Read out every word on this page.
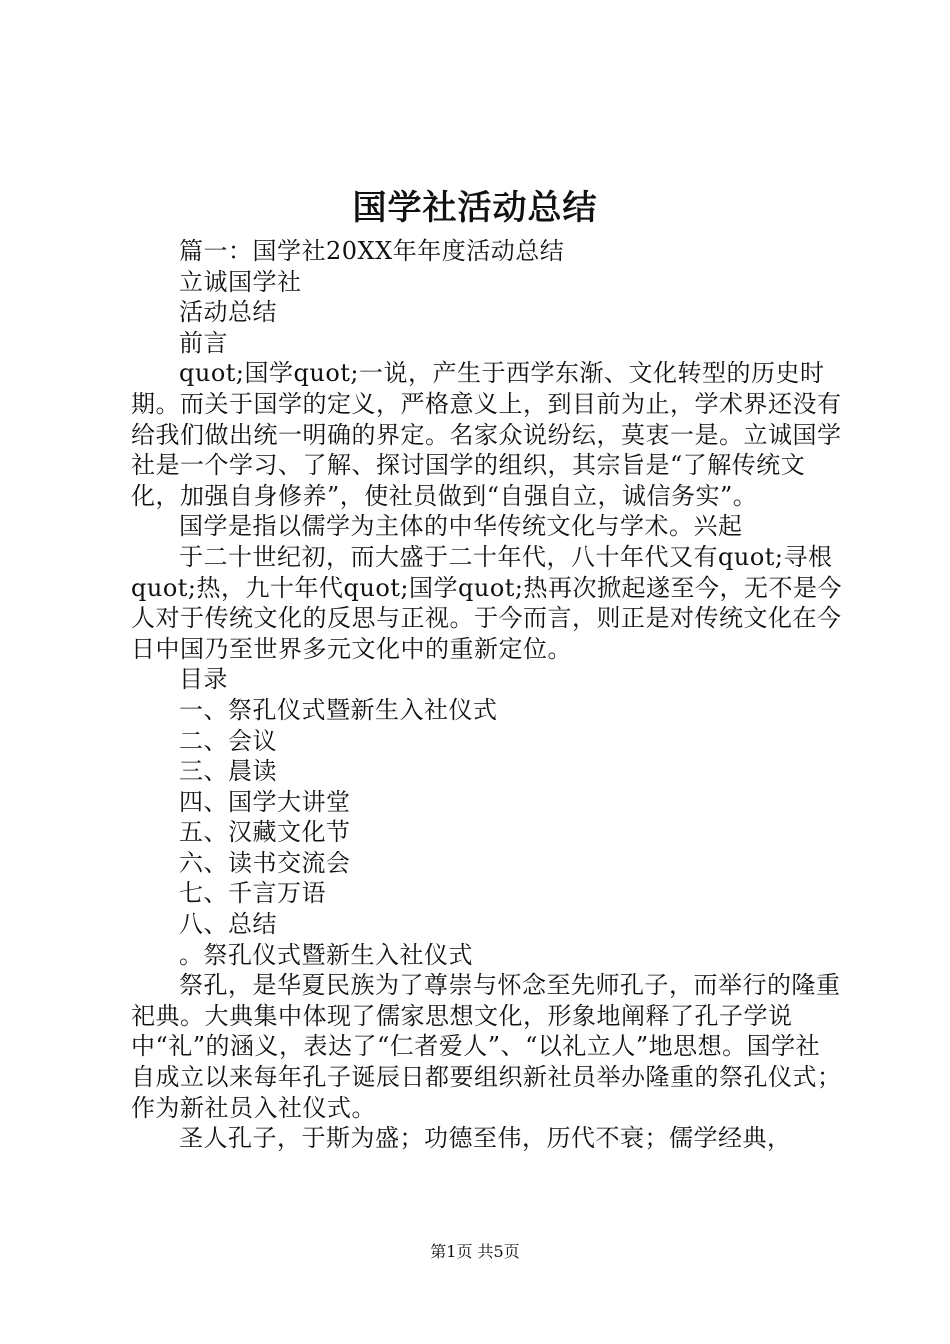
国学社活动总结

篇一：国学社20XX年年度活动总结

立诚国学社

活动总结

前言

quot;国学quot;一说，产生于西学东渐、文化转型的历史时期。而关于国学的定义，严格意义上，到目前为止，学术界还没有给我们做出统一明确的界定。名家众说纷纭，莫衷一是。立诚国学社是一个学习、了解、探讨国学的组织，其宗旨是“了解传统文化，加强自身修养”，使社员做到“自强自立，诚信务实”。

国学是指以儒学为主体的中华传统文化与学术。兴起

于二十世纪初，而大盛于二十年代，八十年代又有quot;寻根quot;热，九十年代quot;国学quot;热再次掀起遂至今，无不是今人对于传统文化的反思与正视。于今而言，则正是对传统文化在今日中国乃至世界多元文化中的重新定位。

目录

一、祭孔仪式暨新生入社仪式

二、会议

三、晨读

四、国学大讲堂

五、汉藏文化节

六、读书交流会

七、千言万语

八、总结

。祭孔仪式暨新生入社仪式

祭孔，是华夏民族为了尊崇与怀念至先师孔子，而举行的隆重祀典。大典集中体现了儒家思想文化，形象地阐释了孔子学说中“礼”的涵义，表达了“仁者爱人”、“以礼立人”地思想。国学社自成立以来每年孔子诞辰日都要组织新社员举办隆重的祭孔仪式；作为新社员入社仪式。

圣人孔子，于斯为盛；功德至伟，历代不衰；儒学经典，

第1页 共5页
